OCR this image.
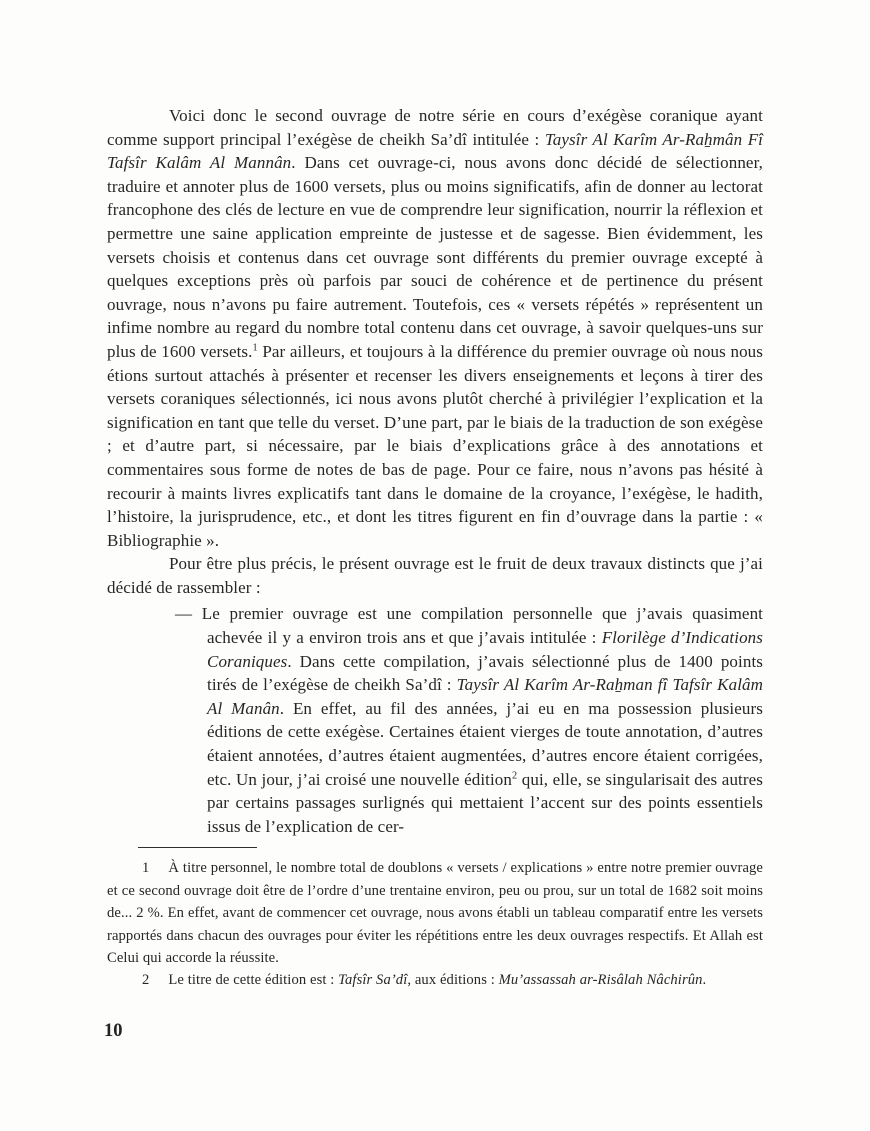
Voici donc le second ouvrage de notre série en cours d’exégèse coranique ayant comme support principal l’exégèse de cheikh Sa’dî intitulée : Taysîr Al Karîm Ar-Raẖmân Fî Tafsîr Kalâm Al Mannân. Dans cet ouvrage-ci, nous avons donc décidé de sélectionner, traduire et annoter plus de 1600 versets, plus ou moins significatifs, afin de donner au lectorat francophone des clés de lecture en vue de comprendre leur signification, nourrir la réflexion et permettre une saine application empreinte de justesse et de sagesse. Bien évidemment, les versets choisis et contenus dans cet ouvrage sont différents du premier ouvrage excepté à quelques exceptions près où parfois par souci de cohérence et de pertinence du présent ouvrage, nous n’avons pu faire autrement. Toutefois, ces « versets répétés » représentent un infime nombre au regard du nombre total contenu dans cet ouvrage, à savoir quelques-uns sur plus de 1600 versets.$^1$ Par ailleurs, et toujours à la différence du premier ouvrage où nous nous étions surtout attachés à présenter et recenser les divers enseignements et leçons à tirer des versets coraniques sélectionnés, ici nous avons plutôt cherché à privilégier l’explication et la signification en tant que telle du verset. D’une part, par le biais de la traduction de son exégèse ; et d’autre part, si nécessaire, par le biais d’explications grâce à des annotations et commentaires sous forme de notes de bas de page. Pour ce faire, nous n’avons pas hésité à recourir à maints livres explicatifs tant dans le domaine de la croyance, l’exégèse, le hadith, l’histoire, la jurisprudence, etc., et dont les titres figurent en fin d’ouvrage dans la partie : « Bibliographie ».

Pour être plus précis, le présent ouvrage est le fruit de deux travaux distincts que j’ai décidé de rassembler :

— Le premier ouvrage est une compilation personnelle que j’avais quasiment achevée il y a environ trois ans et que j’avais intitulée : Florilège d’Indications Coraniques. Dans cette compilation, j’avais sélectionné plus de 1400 points tirés de l’exégèse de cheikh Sa’dî : Taysîr Al Karîm Ar-Raẖman fî Tafsîr Kalâm Al Manân. En effet, au fil des années, j’ai eu en ma possession plusieurs éditions de cette exégèse. Certaines étaient vierges de toute annotation, d’autres étaient annotées, d’autres étaient augmentées, d’autres encore étaient corrigées, etc. Un jour, j’ai croisé une nouvelle édition$^2$ qui, elle, se singularisait des autres par certains passages surlignés qui mettaient l’accent sur des points essentiels issus de l’explication de cer-

1 À titre personnel, le nombre total de doublons « versets / explications » entre notre premier ouvrage et ce second ouvrage doit être de l’ordre d’une trentaine environ, peu ou prou, sur un total de 1682 soit moins de... 2 %. En effet, avant de commencer cet ouvrage, nous avons établi un tableau comparatif entre les versets rapportés dans chacun des ouvrages pour éviter les répétitions entre les deux ouvrages respectifs. Et Allah est Celui qui accorde la réussite.

2 Le titre de cette édition est : Tafsîr Sa’dî, aux éditions : Mu’assassah ar-Risâlah Nâchirûn.

10
